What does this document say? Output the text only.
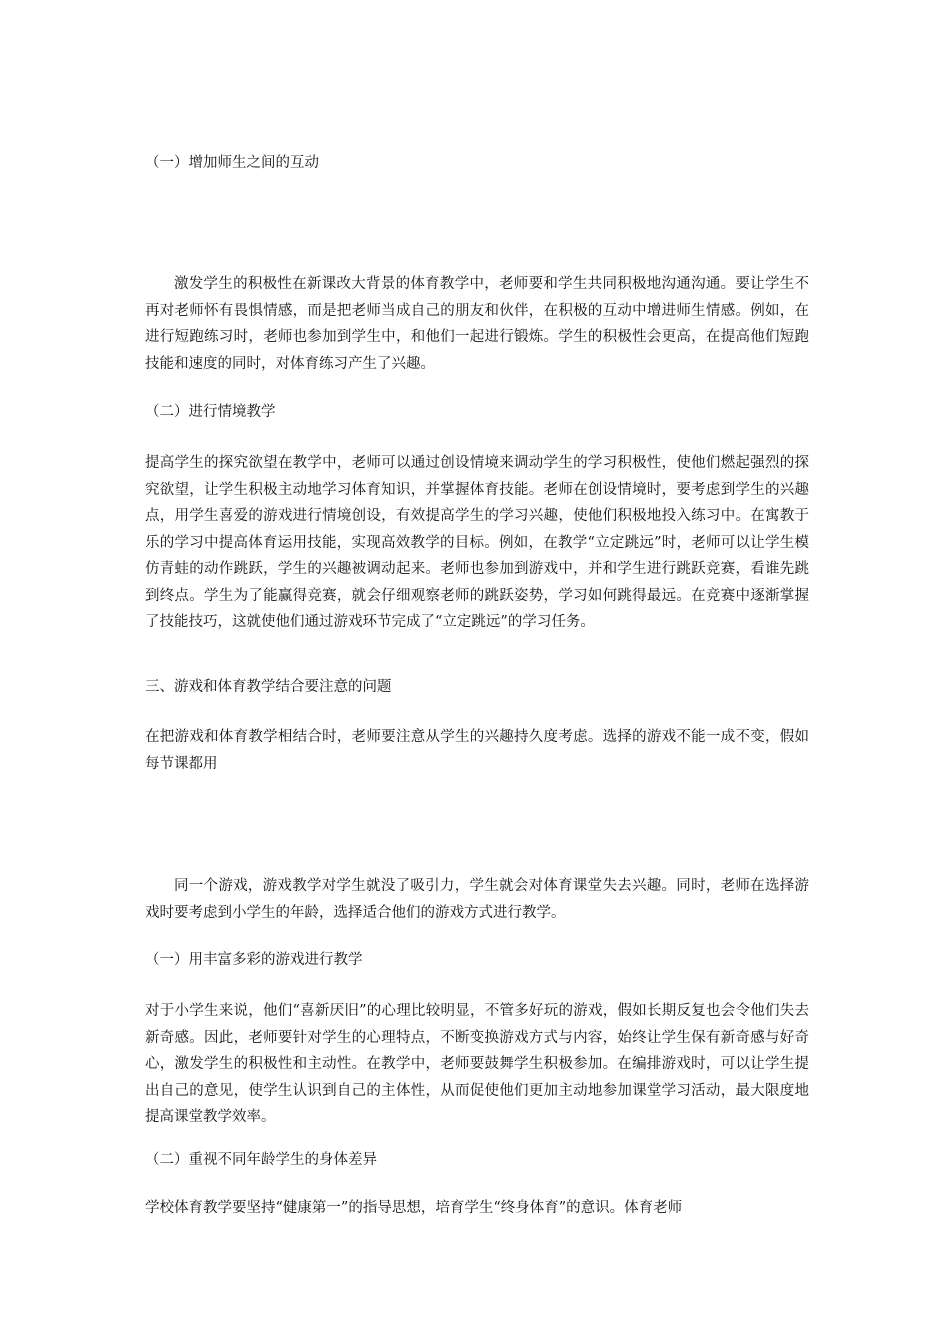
（一）增加师生之间的互动

激发学生的积极性在新课改大背景的体育教学中，老师要和学生共同积极地沟通沟通。要让学生不再对老师怀有畏惧情感，而是把老师当成自己的朋友和伙伴，在积极的互动中增进师生情感。例如，在进行短跑练习时，老师也参加到学生中，和他们一起进行锻炼。学生的积极性会更高，在提高他们短跑技能和速度的同时，对体育练习产生了兴趣。

（二）进行情境教学

提高学生的探究欲望在教学中，老师可以通过创设情境来调动学生的学习积极性，使他们燃起强烈的探究欲望，让学生积极主动地学习体育知识，并掌握体育技能。老师在创设情境时，要考虑到学生的兴趣点，用学生喜爱的游戏进行情境创设，有效提高学生的学习兴趣，使他们积极地投入练习中。在寓教于乐的学习中提高体育运用技能，实现高效教学的目标。例如，在教学“立定跳远”时，老师可以让学生模仿青蛙的动作跳跃，学生的兴趣被调动起来。老师也参加到游戏中，并和学生进行跳跃竞赛，看谁先跳到终点。学生为了能赢得竞赛，就会仔细观察老师的跳跃姿势，学习如何跳得最远。在竞赛中逐渐掌握了技能技巧，这就使他们通过游戏环节完成了“立定跳远”的学习任务。

三、游戏和体育教学结合要注意的问题

在把游戏和体育教学相结合时，老师要注意从学生的兴趣持久度考虑。选择的游戏不能一成不变，假如每节课都用

同一个游戏，游戏教学对学生就没了吸引力，学生就会对体育课堂失去兴趣。同时，老师在选择游戏时要考虑到小学生的年龄，选择适合他们的游戏方式进行教学。

（一）用丰富多彩的游戏进行教学

对于小学生来说，他们“喜新厌旧”的心理比较明显，不管多好玩的游戏，假如长期反复也会令他们失去新奇感。因此，老师要针对学生的心理特点，不断变换游戏方式与内容，始终让学生保有新奇感与好奇心，激发学生的积极性和主动性。在教学中，老师要鼓舞学生积极参加。在编排游戏时，可以让学生提出自己的意见，使学生认识到自己的主体性，从而促使他们更加主动地参加课堂学习活动，最大限度地提高课堂教学效率。

（二）重视不同年龄学生的身体差异

学校体育教学要坚持“健康第一”的指导思想，培育学生“终身体育”的意识。体育老师
